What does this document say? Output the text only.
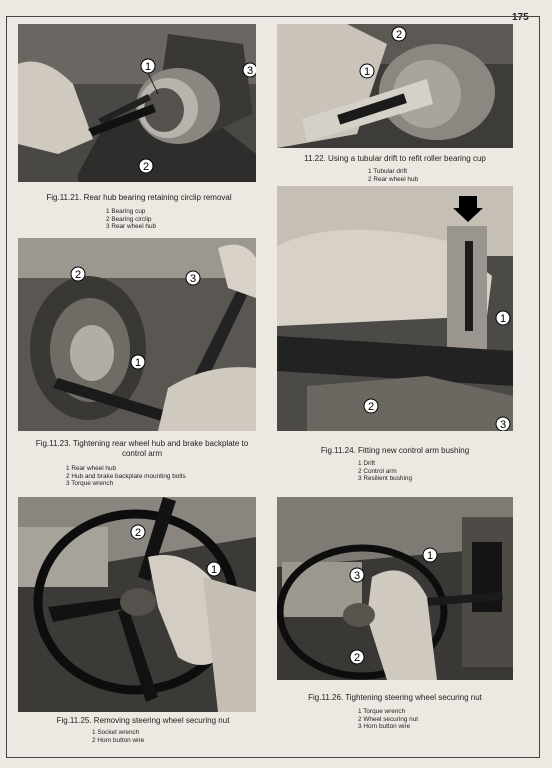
175
1	3
2
Fig.11.21. Rear hub bearing retaining circlip removal
1 Bearing cup
2 Bearing circlip
3 Rear wheel hub
2
1
11.22. Using a tubular drift to refit roller bearing cup
1 Tubular drift
2 Rear wheel hub
2
1
3
Fig.11.23. Tightening rear wheel hub and brake backplate to control arm
1 Rear wheel hub
2 Hub and brake backplate mounting bolts
3 Torque wrench
1
2
3
Fig.11.24. Fitting new control arm bushing
1 Drift
2 Control arm
3 Resilient bushing
2
1
Fig.11.25. Removing steering wheel securing nut
1 Socket wrench
2 Horn button wire
1
3
2
Fig.11.26. Tightening steering wheel securing nut
1 Torque wrench
2 Wheel securing nut
3 Horn button wire
